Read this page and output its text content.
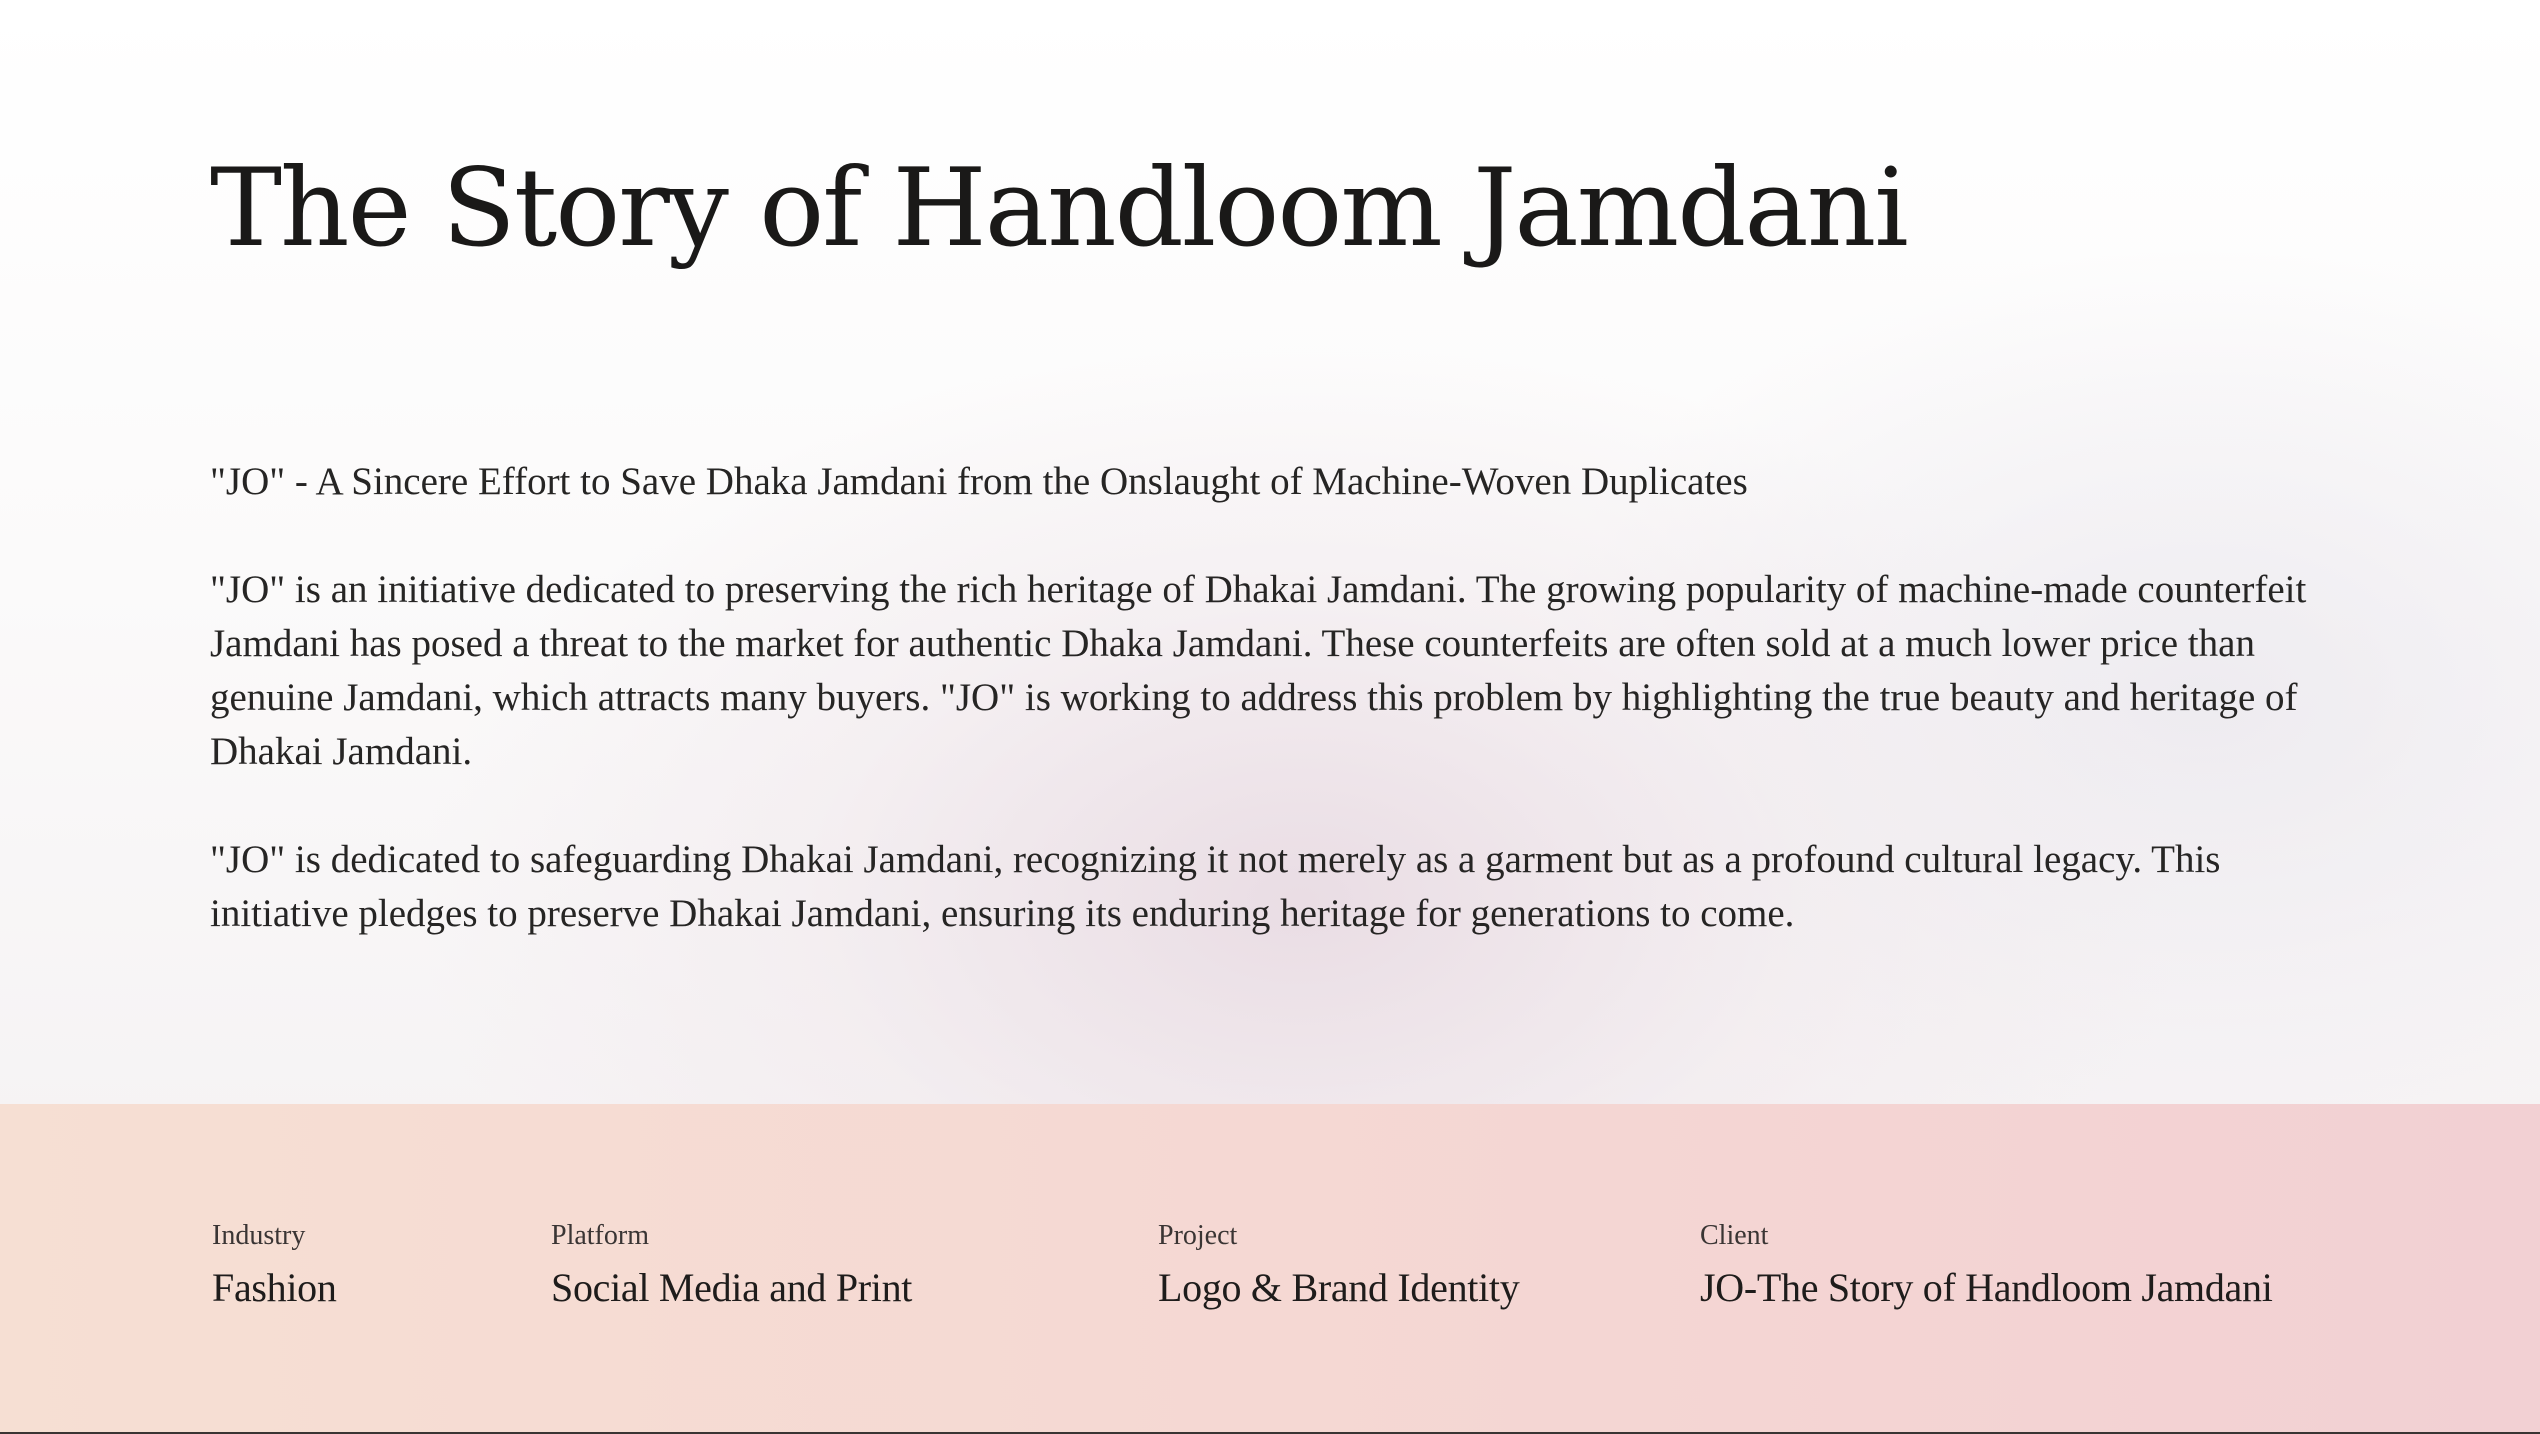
The Story of Handloom Jamdani

"JO" - A Sincere Effort to Save Dhaka Jamdani from the Onslaught of Machine-Woven Duplicates

"JO" is an initiative dedicated to preserving the rich heritage of Dhakai Jamdani. The growing popularity of machine-made counterfeit Jamdani has posed a threat to the market for authentic Dhaka Jamdani. These counterfeits are often sold at a much lower price than genuine Jamdani, which attracts many buyers. "JO" is working to address this problem by highlighting the true beauty and heritage of Dhakai Jamdani.

"JO" is dedicated to safeguarding Dhakai Jamdani, recognizing it not merely as a garment but as a profound cultural legacy. This initiative pledges to preserve Dhakai Jamdani, ensuring its enduring heritage for generations to come.

Industry
Fashion
Platform
Social Media and Print
Project
Logo & Brand Identity
Client
JO-The Story of Handloom Jamdani
